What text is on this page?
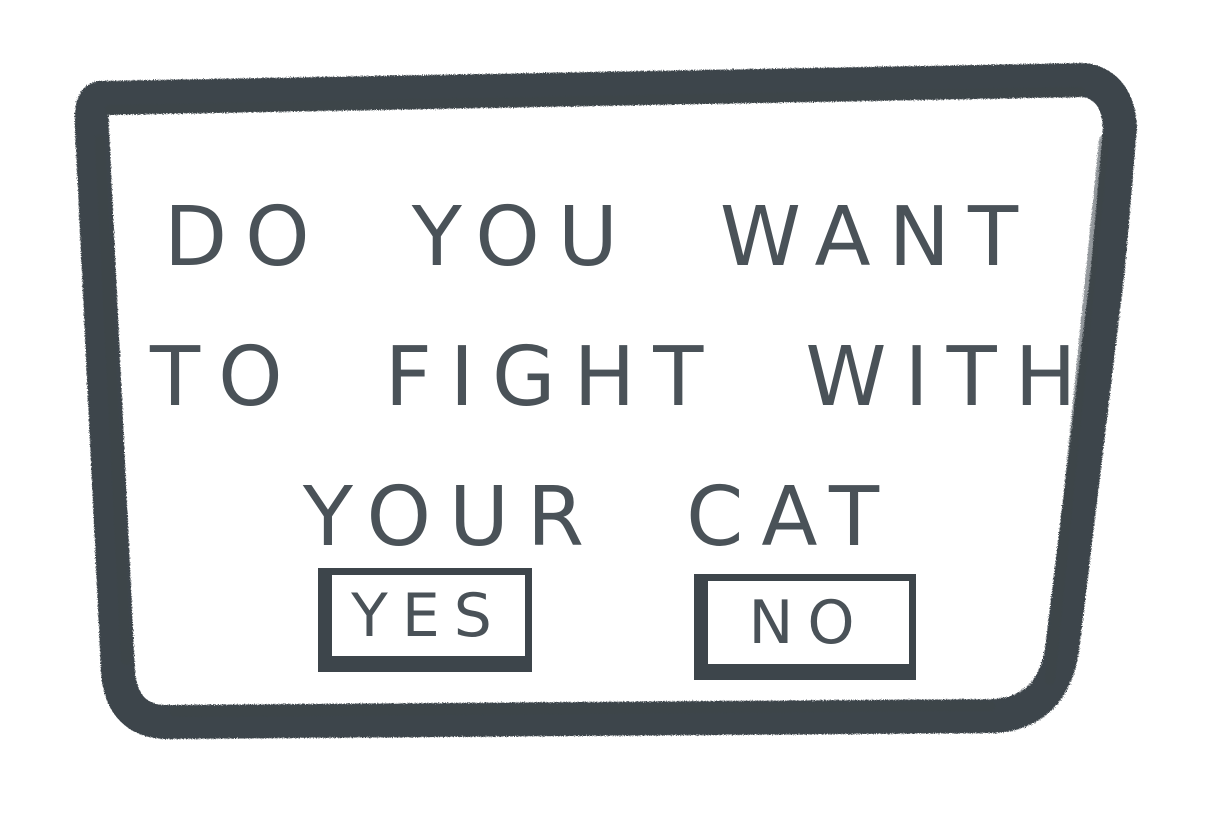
DO YOU WANT
TO FIGHT WITH
YOUR CAT
YES	NO
